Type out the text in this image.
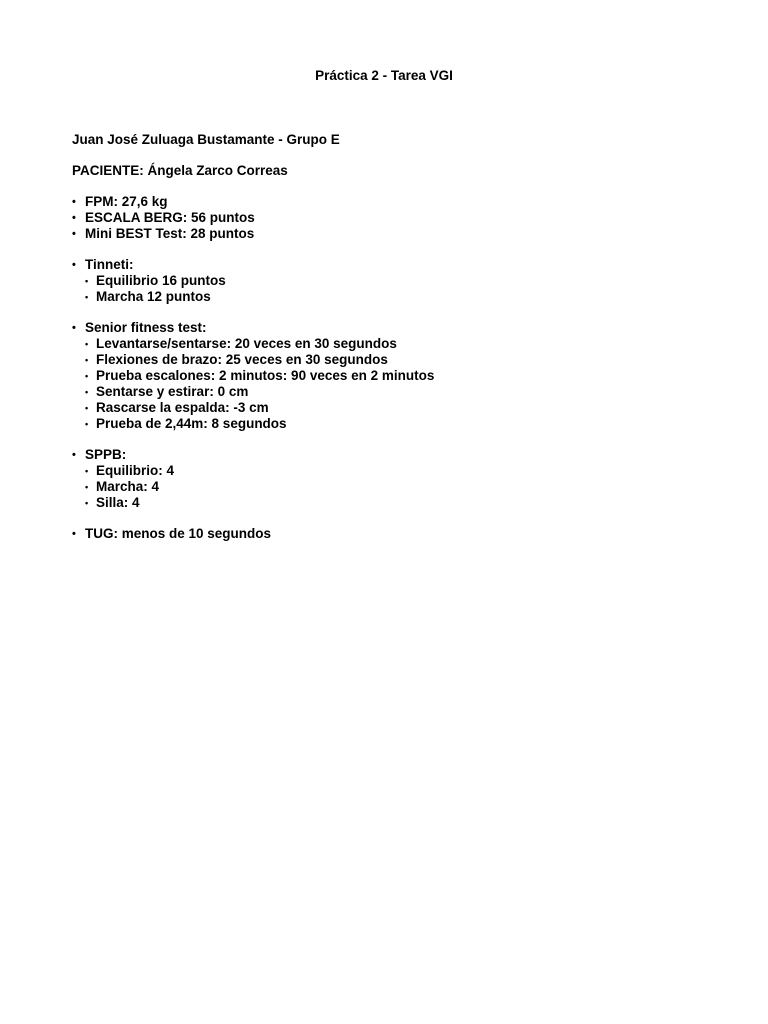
Práctica 2 - Tarea VGI
Juan José Zuluaga Bustamante - Grupo E
PACIENTE: Ángela Zarco Correas
• FPM: 27,6 kg
• ESCALA BERG: 56 puntos
• Mini BEST Test: 28 puntos
• Tinneti:
• Equilibrio 16 puntos
• Marcha 12 puntos
• Senior fitness test:
• Levantarse/sentarse: 20 veces en 30 segundos
• Flexiones de brazo: 25 veces en 30 segundos
• Prueba escalones: 2 minutos: 90 veces en 2 minutos
• Sentarse y estirar: 0 cm
• Rascarse la espalda: -3 cm
• Prueba de 2,44m: 8 segundos
• SPPB:
• Equilibrio: 4
• Marcha: 4
• Silla: 4
• TUG: menos de 10 segundos
